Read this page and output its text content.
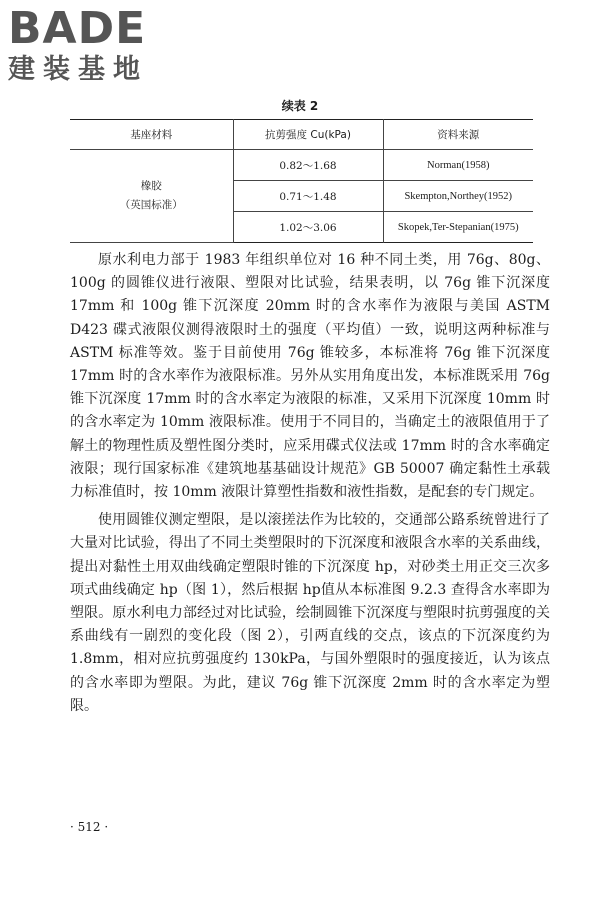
BADE
建装基地
续表 2
基座材料	抗剪强度 Cu(kPa)	资料来源

橡胶
（英国标准）	0.82～1.68	Norman(1958)
	0.71～1.48	Skempton,Northey(1952)
	1.02～3.06	Skopek,Ter-Stepanian(1975)

原水利电力部于 1983 年组织单位对 16 种不同土类，用 76g、80g、100g 的圆锥仪进行液限、塑限对比试验，结果表明，以 76g 锥下沉深度 17mm 和 100g 锥下沉深度 20mm 时的含水率作为液限与美国 ASTM D423 碟式液限仪测得液限时土的强度（平均值）一致，说明这两种标准与 ASTM 标准等效。鉴于目前使用 76g 锥较多，本标准将 76g 锥下沉深度 17mm 时的含水率作为液限标准。另外从实用角度出发，本标准既采用 76g 锥下沉深度 17mm 时的含水率定为液限的标准，又采用下沉深度 10mm 时的含水率定为 10mm 液限标准。使用于不同目的，当确定土的液限值用于了解土的物理性质及塑性图分类时，应采用碟式仪法或 17mm 时的含水率确定液限；现行国家标准《建筑地基基础设计规范》GB 50007 确定黏性土承载力标准值时，按 10mm 液限计算塑性指数和液性指数，是配套的专门规定。

使用圆锥仪测定塑限，是以滚搓法作为比较的，交通部公路系统曾进行了大量对比试验，得出了不同土类塑限时的下沉深度和液限含水率的关系曲线，提出对黏性土用双曲线确定塑限时锥的下沉深度 hp，对砂类土用正交三次多项式曲线确定 hp（图 1），然后根据 hp值从本标准图 9.2.3 查得含水率即为塑限。原水利电力部经过对比试验，绘制圆锥下沉深度与塑限时抗剪强度的关系曲线有一剧烈的变化段（图 2），引两直线的交点，该点的下沉深度约为 1.8mm，相对应抗剪强度约 130kPa，与国外塑限时的强度接近，认为该点的含水率即为塑限。为此，建议 76g 锥下沉深度 2mm 时的含水率定为塑限。

· 512 ·
